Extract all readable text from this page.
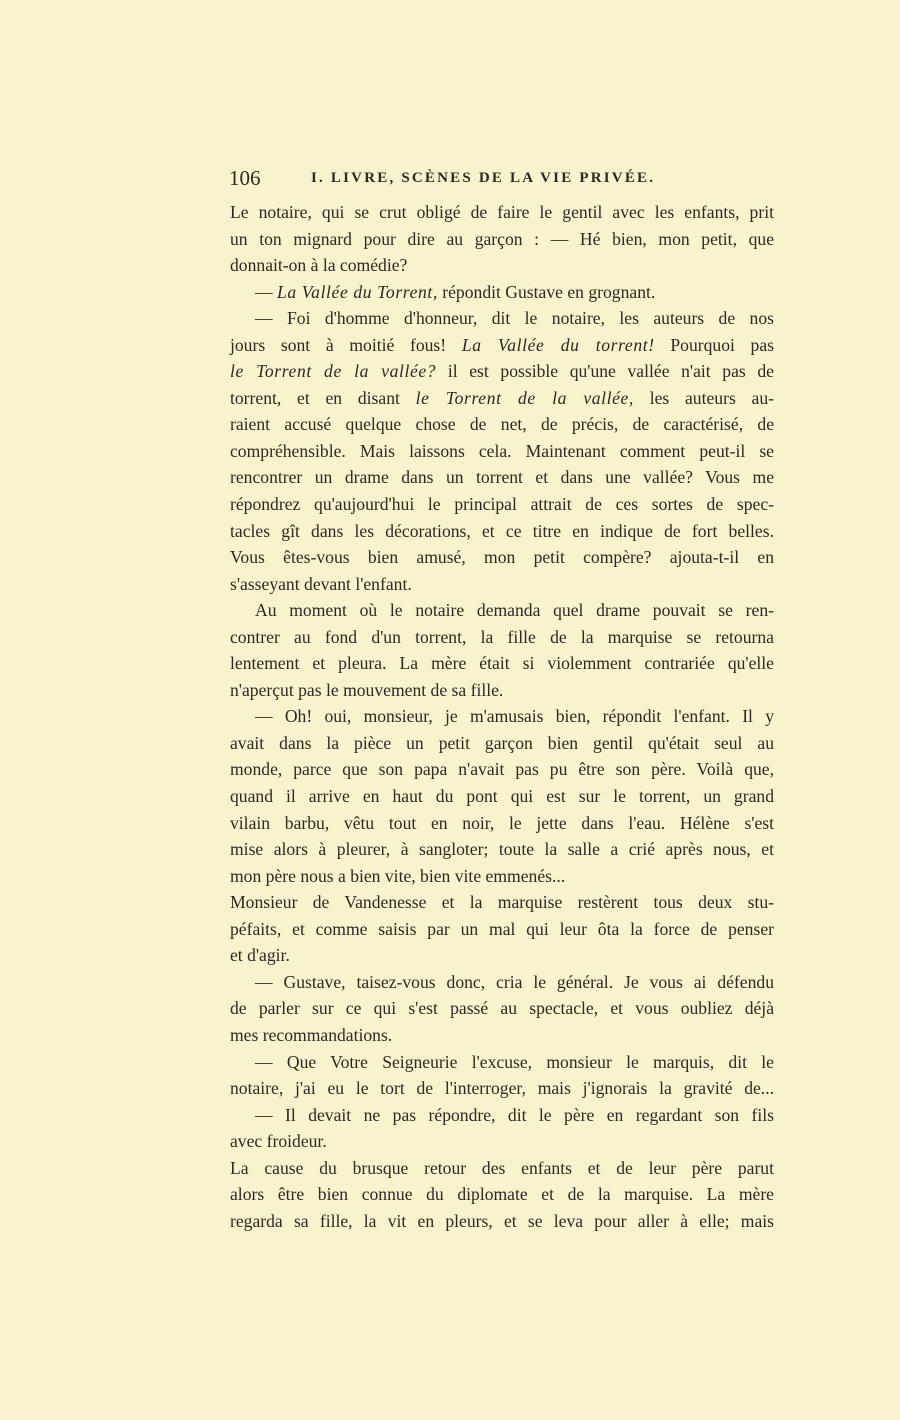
106	I. LIVRE, SCÈNES DE LA VIE PRIVÉE.
Le notaire, qui se crut obligé de faire le gentil avec les enfants, prit
un ton mignard pour dire au garçon : — Hé bien, mon petit, que
donnait-on à la comédie?
— La Vallée du Torrent, répondit Gustave en grognant.
— Foi d'homme d'honneur, dit le notaire, les auteurs de nos
jours sont à moitié fous! La Vallée du torrent! Pourquoi pas
le Torrent de la vallée? il est possible qu'une vallée n'ait pas de
torrent, et en disant le Torrent de la vallée, les auteurs au-
raient accusé quelque chose de net, de précis, de caractérisé, de
compréhensible. Mais laissons cela. Maintenant comment peut-il se
rencontrer un drame dans un torrent et dans une vallée? Vous me
répondrez qu'aujourd'hui le principal attrait de ces sortes de spec-
tacles gît dans les décorations, et ce titre en indique de fort belles.
Vous êtes-vous bien amusé, mon petit compère? ajouta-t-il en
s'asseyant devant l'enfant.
Au moment où le notaire demanda quel drame pouvait se ren-
contrer au fond d'un torrent, la fille de la marquise se retourna
lentement et pleura. La mère était si violemment contrariée qu'elle
n'aperçut pas le mouvement de sa fille.
— Oh! oui, monsieur, je m'amusais bien, répondit l'enfant. Il y
avait dans la pièce un petit garçon bien gentil qu'était seul au
monde, parce que son papa n'avait pas pu être son père. Voilà que,
quand il arrive en haut du pont qui est sur le torrent, un grand
vilain barbu, vêtu tout en noir, le jette dans l'eau. Hélène s'est
mise alors à pleurer, à sangloter; toute la salle a crié après nous, et
mon père nous a bien vite, bien vite emmenés...
Monsieur de Vandenesse et la marquise restèrent tous deux stu-
péfaits, et comme saisis par un mal qui leur ôta la force de penser
et d'agir.
— Gustave, taisez-vous donc, cria le général. Je vous ai défendu
de parler sur ce qui s'est passé au spectacle, et vous oubliez déjà
mes recommandations.
— Que Votre Seigneurie l'excuse, monsieur le marquis, dit le
notaire, j'ai eu le tort de l'interroger, mais j'ignorais la gravité de...
— Il devait ne pas répondre, dit le père en regardant son fils
avec froideur.
La cause du brusque retour des enfants et de leur père parut
alors être bien connue du diplomate et de la marquise. La mère
regarda sa fille, la vit en pleurs, et se leva pour aller à elle; mais
